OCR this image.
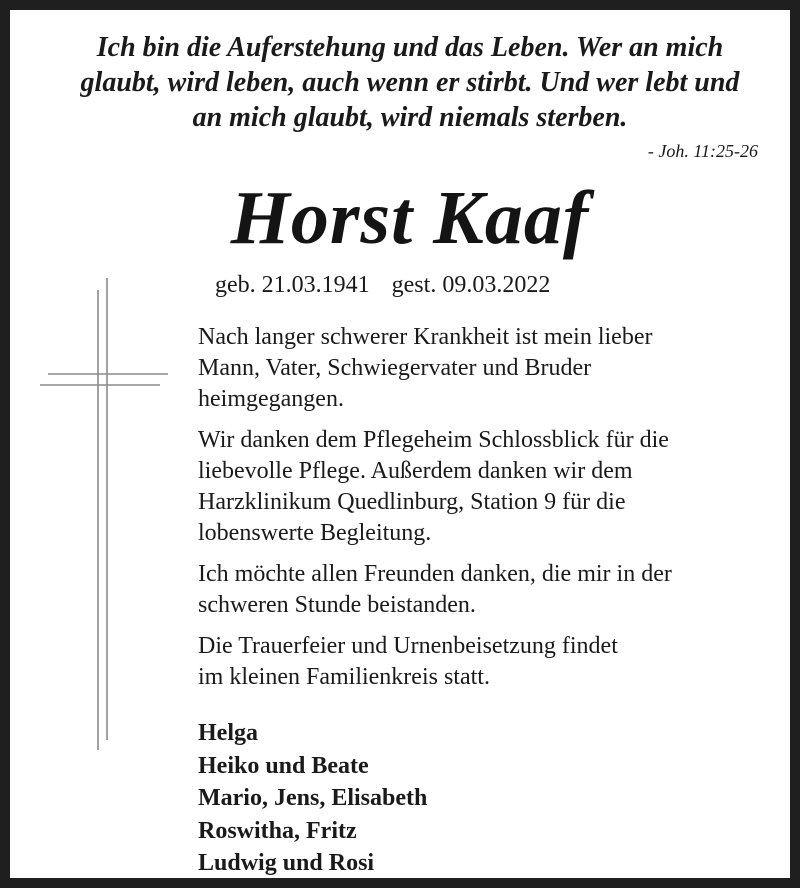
Ich bin die Auferstehung und das Leben. Wer an mich
glaubt, wird leben, auch wenn er stirbt. Und wer lebt und
an mich glaubt, wird niemals sterben.
- Joh. 11:25-26
Horst Kaaf
geb. 21.03.1941 gest. 09.03.2022

Nach langer schwerer Krankheit ist mein lieber
Mann, Vater, Schwiegervater und Bruder
heimgegangen.

Wir danken dem Pflegeheim Schlossblick für die
liebevolle Pflege. Außerdem danken wir dem
Harzklinikum Quedlinburg, Station 9 für die
lobenswerte Begleitung.

Ich möchte allen Freunden danken, die mir in der
schweren Stunde beistanden.

Die Trauerfeier und Urnenbeisetzung findet
im kleinen Familienkreis statt.

Helga
Heiko und Beate
Mario, Jens, Elisabeth
Roswitha, Fritz
Ludwig und Rosi
